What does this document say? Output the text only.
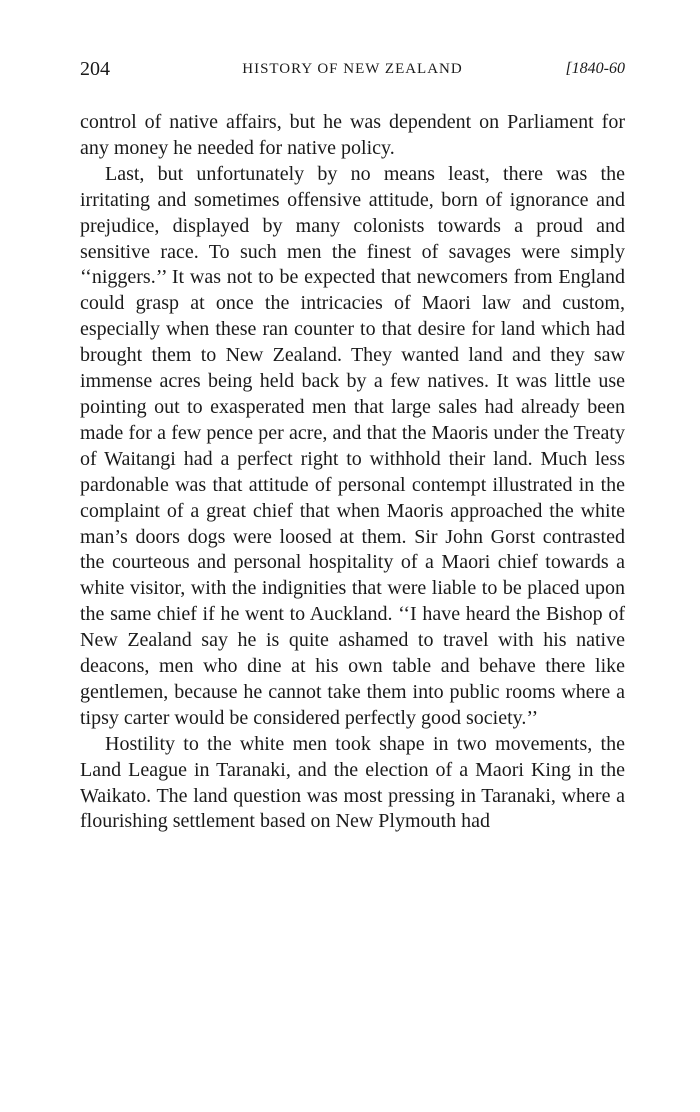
204	HISTORY OF NEW ZEALAND	[1840-60

control of native affairs, but he was dependent on Parliament for any money he needed for native policy.

Last, but unfortunately by no means least, there was the irritating and sometimes offensive attitude, born of ignorance and prejudice, displayed by many colonists towards a proud and sensitive race. To such men the finest of savages were simply ‘‘niggers.’’ It was not to be expected that newcomers from England could grasp at once the intricacies of Maori law and custom, especially when these ran counter to that desire for land which had brought them to New Zealand. They wanted land and they saw immense acres being held back by a few natives. It was little use pointing out to exasperated men that large sales had already been made for a few pence per acre, and that the Maoris under the Treaty of Waitangi had a perfect right to withhold their land. Much less pardonable was that attitude of personal contempt illustrated in the complaint of a great chief that when Maoris approached the white man’s doors dogs were loosed at them. Sir John Gorst contrasted the courteous and personal hospitality of a Maori chief towards a white visitor, with the indignities that were liable to be placed upon the same chief if he went to Auckland. ‘‘I have heard the Bishop of New Zealand say he is quite ashamed to travel with his native deacons, men who dine at his own table and behave there like gentlemen, because he cannot take them into public rooms where a tipsy carter would be considered perfectly good society.’’

Hostility to the white men took shape in two movements, the Land League in Taranaki, and the election of a Maori King in the Waikato. The land question was most pressing in Taranaki, where a flourishing settlement based on New Plymouth had
